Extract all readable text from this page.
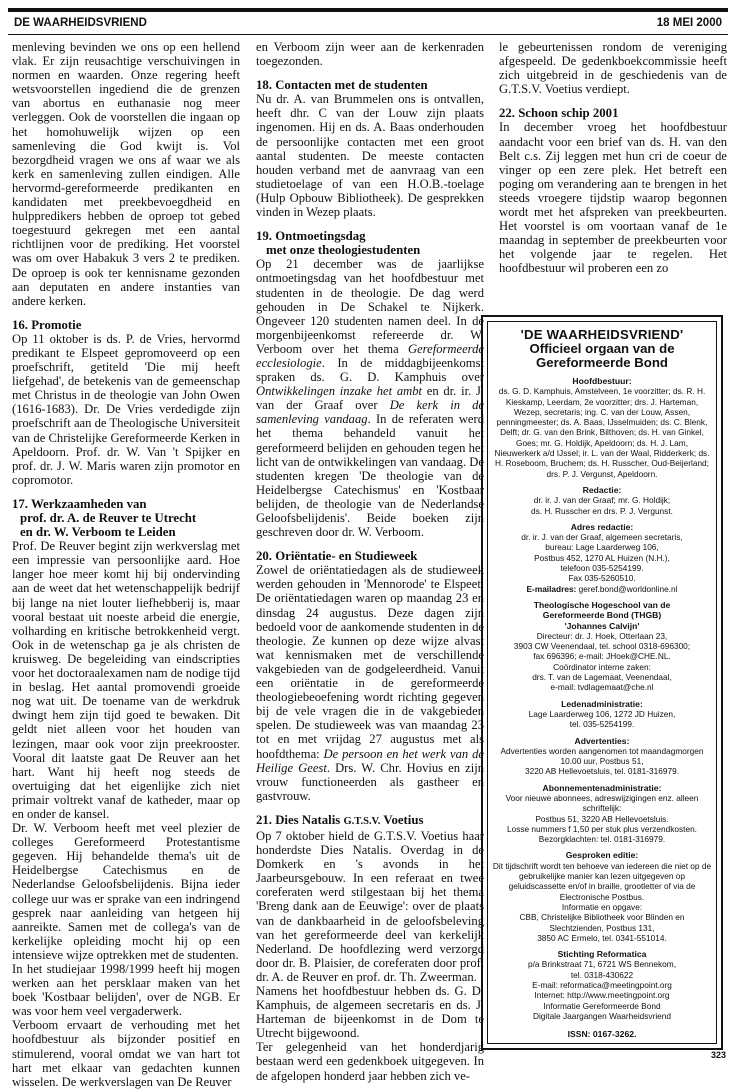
DE WAARHEIDSVRIEND	18 MEI 2000

menleving bevinden we ons op een hellend vlak. Er zijn reusachtige verschuivingen in normen en waarden. Onze regering heeft wetsvoorstellen ingediend die de grenzen van abortus en euthanasie nog meer verleggen. Ook de voorstellen die ingaan op het homohuwelijk wijzen op een samenleving die God kwijt is. Vol bezorgdheid vragen we ons af waar we als kerk en samenleving zullen eindigen. Alle hervormd-gereformeerde predikanten en kandidaten met preekbevoegdheid en hulppredikers hebben de oproep tot gebed toegestuurd gekregen met een aantal richtlijnen voor de prediking. Het voorstel was om over Habakuk 3 vers 2 te prediken. De oproep is ook ter kennisname gezonden aan deputaten en andere instanties van andere kerken.

16. Promotie

Op 11 oktober is ds. P. de Vries, hervormd predikant te Elspeet gepromoveerd op een proefschrift, getiteld 'Die mij heeft liefgehad', de betekenis van de gemeenschap met Christus in de theologie van John Owen (1616-1683). Dr. De Vries verdedigde zijn proefschrift aan de Theologische Universiteit van de Christelijke Gereformeerde Kerken in Apeldoorn. Prof. dr. W. Van 't Spijker en prof. dr. J. W. Maris waren zijn promotor en copromotor.

17. Werkzaamheden van
prof. dr. A. de Reuver te Utrecht
en dr. W. Verboom te Leiden

Prof. De Reuver begint zijn werkverslag met een impressie van persoonlijke aard. Hoe langer hoe meer komt hij bij ondervinding aan de weet dat het wetenschappelijk bedrijf bij lange na niet louter liefhebberij is, maar vooral bestaat uit noeste arbeid die energie, volharding en kritische betrokkenheid vergt. Ook in de wetenschap ga je als christen de kruisweg. De begeleiding van eindscripties voor het doctoraalexamen nam de nodige tijd in beslag. Het aantal promovendi groeide nog wat uit. De toename van de werkdruk dwingt hem zijn tijd goed te bewaken. Dit geldt niet alleen voor het houden van lezingen, maar ook voor zijn preekrooster. Vooral dit laatste gaat De Reuver aan het hart. Want hij heeft nog steeds de overtuiging dat het eigenlijke zich niet primair voltrekt vanaf de katheder, maar op en onder de kansel.

Dr. W. Verboom heeft met veel plezier de colleges Gereformeerd Protestantisme gegeven. Hij behandelde thema's uit de Heidelbergse Catechismus en de Nederlandse Geloofsbelijdenis. Bijna ieder college uur was er sprake van een indringend gesprek naar aanleiding van hetgeen hij aanreikte. Samen met de collega's van de kerkelijke opleiding mocht hij op een intensieve wijze optrekken met de studenten.

In het studiejaar 1998/1999 heeft hij mogen werken aan het persklaar maken van het boek 'Kostbaar belijden', over de NGB. Er was voor hem veel vergaderwerk.

Verboom ervaart de verhouding met het hoofdbestuur als bijzonder positief en stimulerend, vooral omdat we van hart tot hart met elkaar van gedachten kunnen wisselen. De werkverslagen van De Reuver

en Verboom zijn weer aan de kerkenraden toegezonden.

18. Contacten met de studenten

Nu dr. A. van Brummelen ons is ontvallen, heeft dhr. C van der Louw zijn plaats ingenomen. Hij en ds. A. Baas onderhouden de persoonlijke contacten met een groot aantal studenten. De meeste contacten houden verband met de aanvraag van een studietoelage of van een H.O.B.-toelage (Hulp Opbouw Bibliotheek). De gesprekken vinden in Wezep plaats.

19. Ontmoetingsdag
met onze theologiestudenten

Op 21 december was de jaarlijkse ontmoetingsdag van het hoofdbestuur met studenten in de theologie. De dag werd gehouden in De Schakel te Nijkerk. Ongeveer 120 studenten namen deel. In de morgenbijeenkomst refereerde dr. W. Verboom over het thema Gereformeerde ecclesiologie. In de middagbijeenkomst spraken ds. G. D. Kamphuis over Ontwikkelingen inzake het ambt en dr. ir. J. van der Graaf over De kerk in de samenleving vandaag. In de referaten werd het thema behandeld vanuit het gereformeerd belijden en gehouden tegen het licht van de ontwikkelingen van vandaag. De studenten kregen 'De theologie van de Heidelbergse Catechismus' en 'Kostbaar belijden, de theologie van de Nederlandse Geloofsbelijdenis'. Beide boeken zijn geschreven door dr. W. Verboom.

20. Oriëntatie- en Studieweek

Zowel de oriëntatiedagen als de studieweek werden gehouden in 'Mennorode' te Elspeet. De oriëntatiedagen waren op maandag 23 en dinsdag 24 augustus. Deze dagen zijn bedoeld voor de aankomende studenten in de theologie. Ze kunnen op deze wijze alvast wat kennismaken met de verschillende vakgebieden van de godgeleerdheid. Vanuit een oriëntatie in de gereformeerde theologiebeoefening wordt richting gegeven bij de vele vragen die in de vakgebieden spelen. De studieweek was van maandag 23 tot en met vrijdag 27 augustus met als hoofdthema: De persoon en het werk van de Heilige Geest. Drs. W. Chr. Hovius en zijn vrouw functioneerden als gastheer en gastvrouw.

21. Dies Natalis G.T.S.V. Voetius

Op 7 oktober hield de G.T.S.V. Voetius haar honderdste Dies Natalis. Overdag in de Domkerk en 's avonds in het Jaarbeursgebouw. In een referaat en twee coreferaten werd stilgestaan bij het thema 'Breng dank aan de Eeuwige': over de plaats van de dankbaarheid in de geloofsbeleving van het gereformeerde deel van kerkelijk Nederland. De hoofdlezing werd verzorgd door dr. B. Plaisier, de coreferaten door prof. dr. A. de Reuver en prof. dr. Th. Zweerman.

Namens het hoofdbestuur hebben ds. G. D. Kamphuis, de algemeen secretaris en ds. J. Harteman de bijeenkomst in de Dom te Utrecht bijgewoond.

Ter gelegenheid van het honderdjarig bestaan werd een gedenkboek uitgegeven. In de afgelopen honderd jaar hebben zich ve-

le gebeurtenissen rondom de vereniging afgespeeld. De gedenkboekcommissie heeft zich uitgebreid in de geschiedenis van de G.T.S.V. Voetius verdiept.

22. Schoon schip 2001

In december vroeg het hoofdbestuur aandacht voor een brief van ds. H. van den Belt c.s. Zij leggen met hun cri de coeur de vinger op een zere plek. Het betreft een poging om verandering aan te brengen in het steeds vroegere tijdstip waarop begonnen wordt met het afspreken van preekbeurten. Het voorstel is om voortaan vanaf de 1e maandag in september de preekbeurten voor het volgende jaar te regelen. Het hoofdbestuur wil proberen een zo

'DE WAARHEIDSVRIEND'
Officieel orgaan van de
Gereformeerde Bond
Hoofdbestuur:
ds. G. D. Kamphuis, Amstelveen, 1e voorzitter; ds. R. H. Kieskamp, Leerdam, 2e voorzitter; drs. J. Harteman, Wezep, secretaris; ing. C. van der Louw, Assen, penningmeester; ds. A. Baas, IJsselmuiden; ds. C. Blenk, Delft; dr. G. van den Brink, Bilthoven; ds. H. van Ginkel, Goes; mr. G. Holdijk, Apeldoorn; ds. H. J. Lam, Nieuwerkerk a/d IJssel; ir. L. van der Waal, Ridderkerk; ds. H. Roseboom, Bruchem; ds. H. Russcher, Oud-Beijerland; drs. P. J. Vergunst, Apeldoorn.
Redactie:
dr. ir. J. van der Graaf; mr. G. Holdijk;
ds. H. Russcher en drs. P. J. Vergunst.
Adres redactie:
dr. ir. J. van der Graaf, algemeen secretaris,
bureau: Lage Laarderweg 106,
Postbus 452, 1270 AL Huizen (N.H.),
telefoon 035-5254199.
Fax 035-5260510.
E-mailadres: geref.bond@worldonline.nl
Theologische Hogeschool van de
Gereformeerde Bond (THGB)
'Johannes Calvijn'
Directeur: dr. J. Hoek, Otterlaan 23,
3903 CW Veenendaal, tel. school 0318-696300;
fax 696396; e-mail: JHoek@CHE.NL.
Coördinator interne zaken:
drs. T. van de Lagemaat, Veenendaal,
e-mail: tvdlagemaat@che.nl
Ledenadministratie:
Lage Laarderweg 106, 1272 JD Huizen,
tel. 035-5254199.
Advertenties:
Advertenties worden aangenomen tot maandagmorgen 10.00 uur, Postbus 51,
3220 AB Hellevoetsluis, tel. 0181-316979.
Abonnementenadministratie:
Voor nieuwe abonnees, adreswijzigingen enz. alleen schriftelijk:
Postbus 51, 3220 AB Hellevoetsluis.
Losse nummers f 1,50 per stuk plus verzendkosten. Bezorgklachten: tel. 0181-316979.
Gesproken editie:
Dit tijdschrift wordt ten behoeve van iedereen die niet op de gebruikelijke manier kan lezen uitgegeven op geluidscassette en/of in braille, grootletter of via de Electronische Postbus.
Informatie en opgave:
CBB, Christelijke Bibliotheek voor Blinden en Slechtzienden, Postbus 131,
3850 AC Ermelo, tel. 0341-551014.
Stichting Reformatica
p/a Brinkstraat 71, 6721 WS Bennekom,
tel. 0318-430622
E-mail: reformatica@meetingpoint.org
Internet: http://www.meetingpoint.org
Informatie Gereformeerde Bond
Digitale Jaargangen Waarheidsvriend
ISSN: 0167-3262.
323
